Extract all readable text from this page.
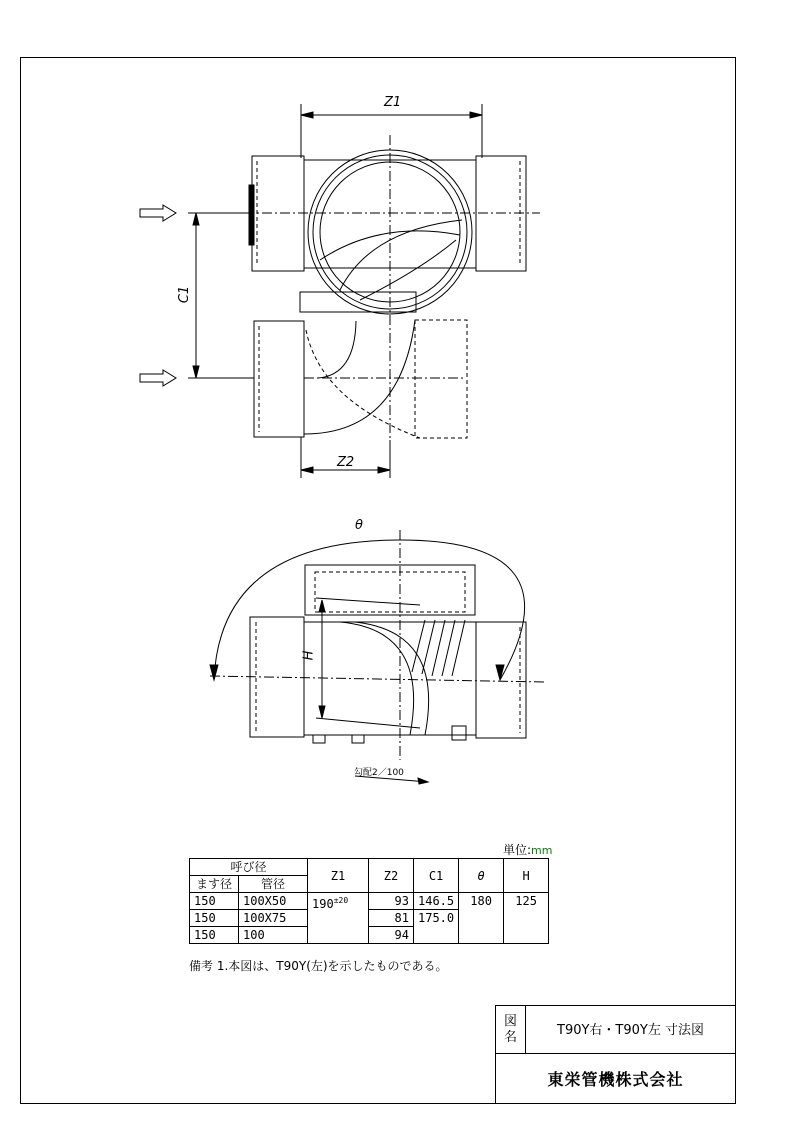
Z1
C1
Z2
θ
H
勾配2／100
単位:mm
呼び径		Z1	Z2	C1	θ	H
ます径	管径					
150	100X50	$190^{\pm 20}$	93	146.5	180	125
150	100X75		81	175.0		
150	100		94			
備考 1.本図は、T90Y(左)を示したものである。
図
名	T90Y右・T90Y左 寸法図
東栄管機株式会社
